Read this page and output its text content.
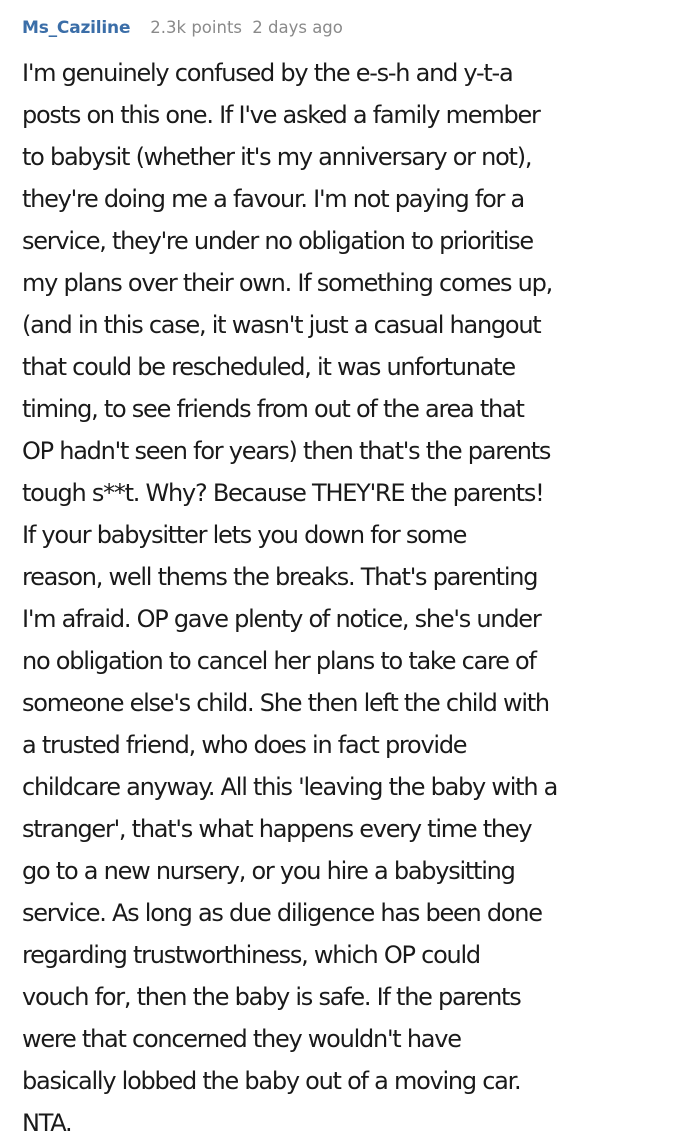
Ms_Caziline 2.3k points 2 days ago
I'm genuinely confused by the e-s-h and y-t-a
posts on this one. If I've asked a family member
to babysit (whether it's my anniversary or not),
they're doing me a favour. I'm not paying for a
service, they're under no obligation to prioritise
my plans over their own. If something comes up,
(and in this case, it wasn't just a casual hangout
that could be rescheduled, it was unfortunate
timing, to see friends from out of the area that
OP hadn't seen for years) then that's the parents
tough s**t. Why? Because THEY'RE the parents!
If your babysitter lets you down for some
reason, well thems the breaks. That's parenting
I'm afraid. OP gave plenty of notice, she's under
no obligation to cancel her plans to take care of
someone else's child. She then left the child with
a trusted friend, who does in fact provide
childcare anyway. All this 'leaving the baby with a
stranger', that's what happens every time they
go to a new nursery, or you hire a babysitting
service. As long as due diligence has been done
regarding trustworthiness, which OP could
vouch for, then the baby is safe. If the parents
were that concerned they wouldn't have
basically lobbed the baby out of a moving car.
NTA.
